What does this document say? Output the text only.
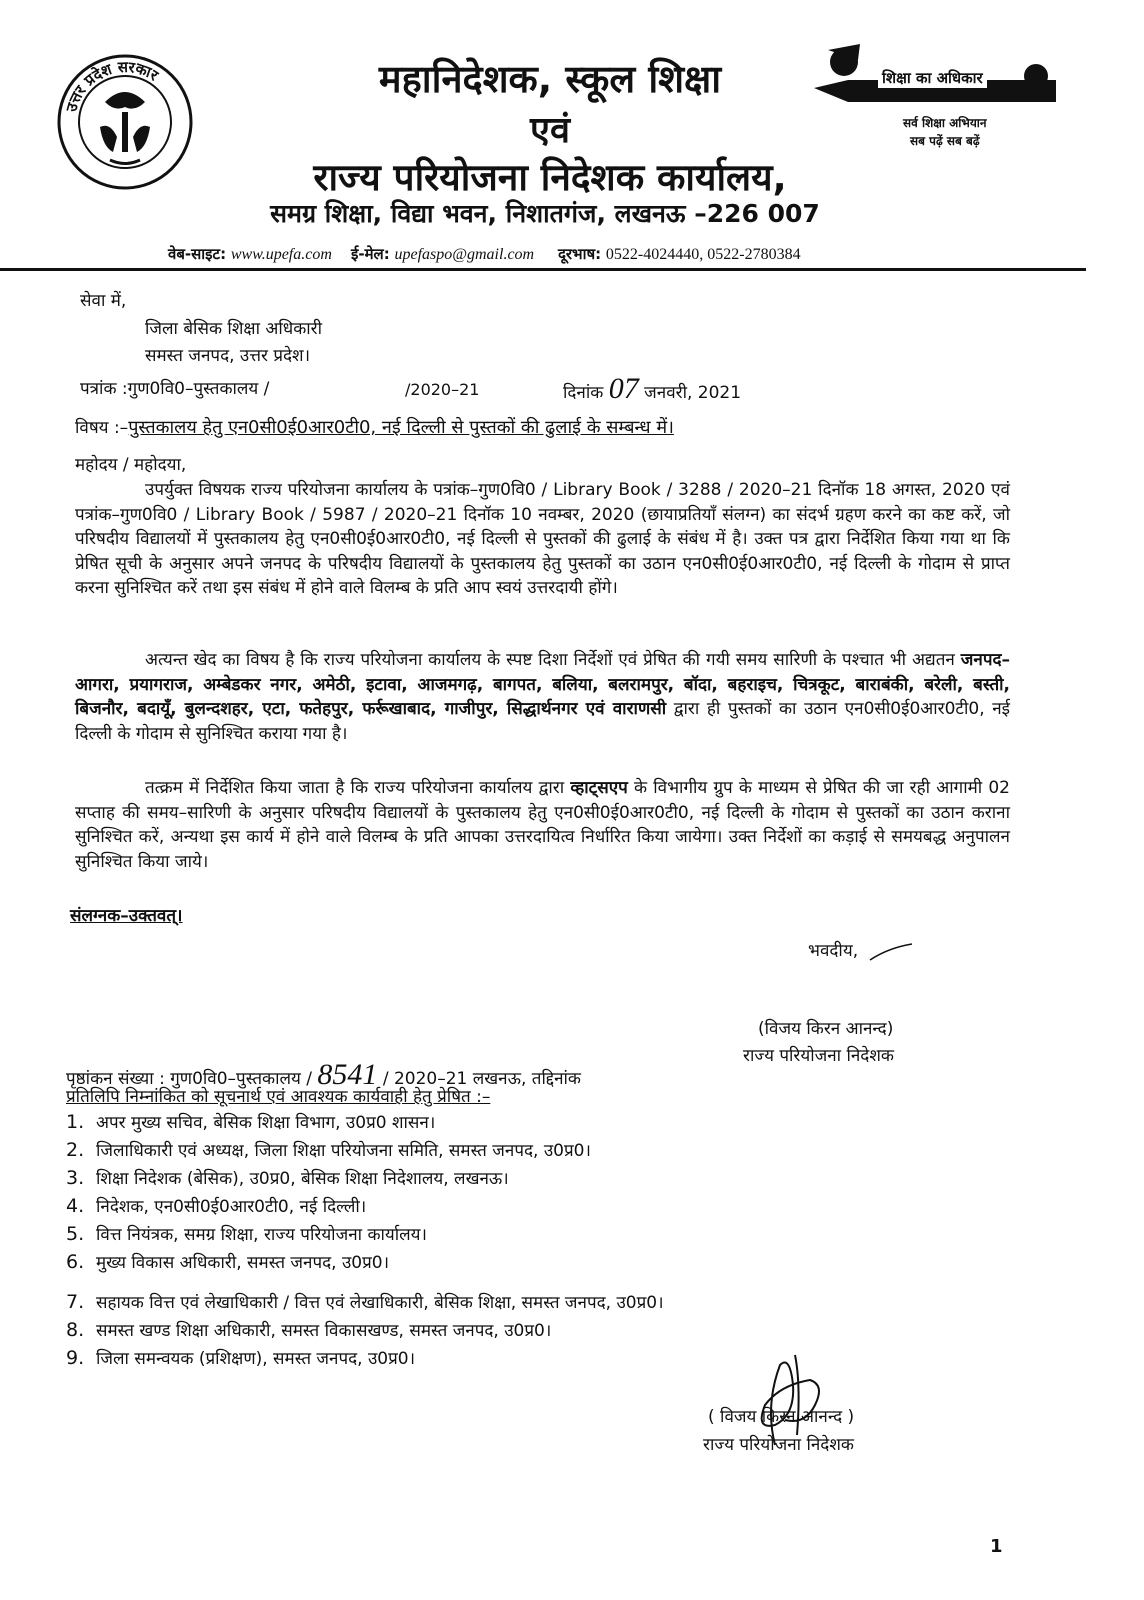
उत्तर प्रदेश सरकार	महानिदेशक, स्कूल शिक्षा
एवं
राज्य परियोजना निदेशक कार्यालय,
समग्र शिक्षा, विद्या भवन, निशातगंज, लखनऊ –226 007
शिक्षा का अधिकार
सर्व शिक्षा अभियान
सब पढ़ें सब बढ़ें
वेब-साइट: www.upefa.com ई-मेल: upefaspo@gmail.com दूरभाष: 0522-4024440, 0522-2780384
सेवा में,
जिला बेसिक शिक्षा अधिकारी
समस्त जनपद, उत्तर प्रदेश।
पत्रांक :गुण0वि0–पुस्तकालय /	/2020–21	दिनांक 07 जनवरी, 2021
विषय :–पुस्तकालय हेतु एन0सी0ई0आर0टी0, नई दिल्ली से पुस्तकों की ढुलाई के सम्बन्ध में।
महोदय / महोदया,

उपर्युक्त विषयक राज्य परियोजना कार्यालय के पत्रांक–गुण0वि0 / Library Book / 3288 / 2020–21 दिनॉक 18 अगस्त, 2020 एवं पत्रांक–गुण0वि0 / Library Book / 5987 / 2020–21 दिनॉक 10 नवम्बर, 2020 (छायाप्रतियाँ संलग्न) का संदर्भ ग्रहण करने का कष्ट करें, जो परिषदीय विद्यालयों में पुस्तकालय हेतु एन0सी0ई0आर0टी0, नई दिल्ली से पुस्तकों की ढुलाई के संबंध में है। उक्त पत्र द्वारा निर्देशित किया गया था कि प्रेषित सूची के अनुसार अपने जनपद के परिषदीय विद्यालयों के पुस्तकालय हेतु पुस्तकों का उठान एन0सी0ई0आर0टी0, नई दिल्ली के गोदाम से प्राप्त करना सुनिश्चित करें तथा इस संबंध में होने वाले विलम्ब के प्रति आप स्वयं उत्तरदायी होंगे।

अत्यन्त खेद का विषय है कि राज्य परियोजना कार्यालय के स्पष्ट दिशा निर्देशों एवं प्रेषित की गयी समय सारिणी के पश्चात भी अद्यतन जनपद–आगरा, प्रयागराज, अम्बेडकर नगर, अमेठी, इटावा, आजमगढ़, बागपत, बलिया, बलरामपुर, बॉदा, बहराइच, चित्रकूट, बाराबंकी, बरेली, बस्ती, बिजनौर, बदायूँ, बुलन्दशहर, एटा, फतेहपुर, फर्रूखाबाद, गाजीपुर, सिद्धार्थनगर एवं वाराणसी द्वारा ही पुस्तकों का उठान एन0सी0ई0आर0टी0, नई दिल्ली के गोदाम से सुनिश्चित कराया गया है।

तत्क्रम में निर्देशित किया जाता है कि राज्य परियोजना कार्यालय द्वारा व्हाट्सएप के विभागीय ग्रुप के माध्यम से प्रेषित की जा रही आगामी 02 सप्ताह की समय–सारिणी के अनुसार परिषदीय विद्यालयों के पुस्तकालय हेतु एन0सी0ई0आर0टी0, नई दिल्ली के गोदाम से पुस्तकों का उठान कराना सुनिश्चित करें, अन्यथा इस कार्य में होने वाले विलम्ब के प्रति आपका उत्तरदायित्व निर्धारित किया जायेगा। उक्त निर्देशों का कड़ाई से समयबद्ध अनुपालन सुनिश्चित किया जाये।

संलग्नक–उक्तवत्।
भवदीय,
(विजय किरन आनन्द)
राज्य परियोजना निदेशक
पृष्ठांकन संख्या : गुण0वि0–पुस्तकालय / 8541 / 2020–21 लखनऊ, तद्दिनांक
प्रतिलिपि निम्नांकित को सूचनार्थ एवं आवश्यक कार्यवाही हेतु प्रेषित :–
1. अपर मुख्य सचिव, बेसिक शिक्षा विभाग, उ0प्र0 शासन।
2. जिलाधिकारी एवं अध्यक्ष, जिला शिक्षा परियोजना समिति, समस्त जनपद, उ0प्र0।
3. शिक्षा निदेशक (बेसिक), उ0प्र0, बेसिक शिक्षा निदेशालय, लखनऊ।
4. निदेशक, एन0सी0ई0आर0टी0, नई दिल्ली।
5. वित्त नियंत्रक, समग्र शिक्षा, राज्य परियोजना कार्यालय।
6. मुख्य विकास अधिकारी, समस्त जनपद, उ0प्र0।
7. सहायक वित्त एवं लेखाधिकारी / वित्त एवं लेखाधिकारी, बेसिक शिक्षा, समस्त जनपद, उ0प्र0।
8. समस्त खण्ड शिक्षा अधिकारी, समस्त विकासखण्ड, समस्त जनपद, उ0प्र0।
9. जिला समन्वयक (प्रशिक्षण), समस्त जनपद, उ0प्र0।
( विजय किरन आनन्द )
राज्य परियोजना निदेशक
1
